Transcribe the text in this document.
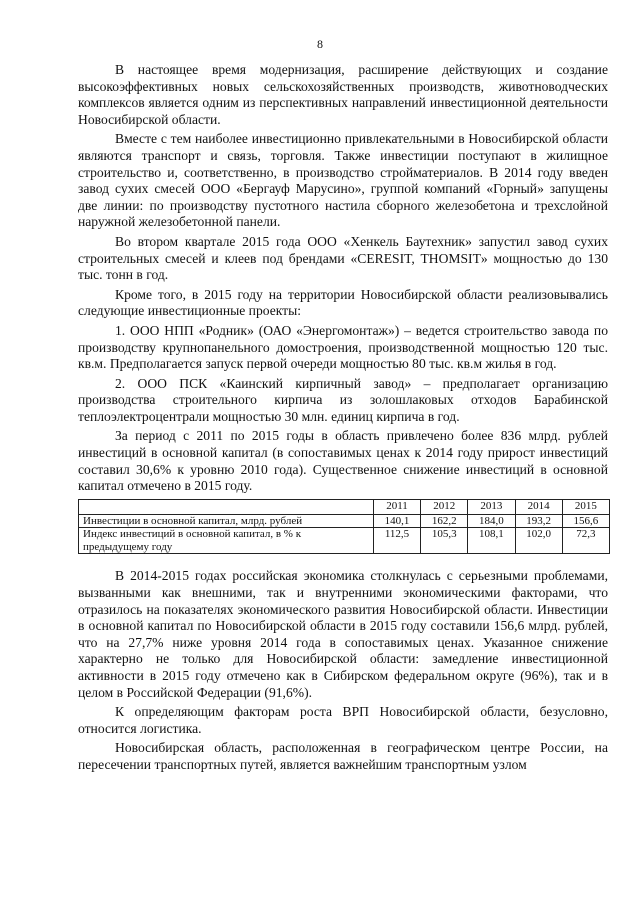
8

В настоящее время модернизация, расширение действующих и создание высокоэффективных новых сельскохозяйственных производств, животноводческих комплексов является одним из перспективных направлений инвестиционной деятельности Новосибирской области.

Вместе с тем наиболее инвестиционно привлекательными в Новосибирской области являются транспорт и связь, торговля. Также инвестиции поступают в жилищное строительство и, соответственно, в производство стройматериалов. В 2014 году введен завод сухих смесей ООО «Бергауф Марусино», группой компаний «Горный» запущены две линии: по производству пустотного настила сборного железобетона и трехслойной наружной железобетонной панели.

Во втором квартале 2015 года ООО «Хенкель Баутехник» запустил завод сухих строительных смесей и клеев под брендами «CERESIT, THOMSIT» мощностью до 130 тыс. тонн в год.

Кроме того, в 2015 году на территории Новосибирской области реализовывались следующие инвестиционные проекты:

1. ООО НПП «Родник» (ОАО «Энергомонтаж») – ведется строительство завода по производству крупнопанельного домостроения, производственной мощностью 120 тыс. кв.м. Предполагается запуск первой очереди мощностью 80 тыс. кв.м жилья в год.

2. ООО ПСК «Каинский кирпичный завод» – предполагает организацию производства строительного кирпича из золошлаковых отходов Барабинской теплоэлектроцентрали мощностью 30 млн. единиц кирпича в год.

За период с 2011 по 2015 годы в область привлечено более 836 млрд. рублей инвестиций в основной капитал (в сопоставимых ценах к 2014 году прирост инвестиций составил 30,6% к уровню 2010 года). Существенное снижение инвестиций в основной капитал отмечено в 2015 году.

	2011	2012	2013	2014	2015
Инвестиции в основной капитал, млрд. рублей	140,1	162,2	184,0	193,2	156,6
Индекс инвестиций в основной капитал, в % к предыдущему году	112,5	105,3	108,1	102,0	72,3

В 2014-2015 годах российская экономика столкнулась с серьезными проблемами, вызванными как внешними, так и внутренними экономическими факторами, что отразилось на показателях экономического развития Новосибирской области. Инвестиции в основной капитал по Новосибирской области в 2015 году составили 156,6 млрд. рублей, что на 27,7% ниже уровня 2014 года в сопоставимых ценах. Указанное снижение характерно не только для Новосибирской области: замедление инвестиционной активности в 2015 году отмечено как в Сибирском федеральном округе (96%), так и в целом в Российской Федерации (91,6%).

К определяющим факторам роста ВРП Новосибирской области, безусловно, относится логистика.

Новосибирская область, расположенная в географическом центре России, на пересечении транспортных путей, является важнейшим транспортным узлом
